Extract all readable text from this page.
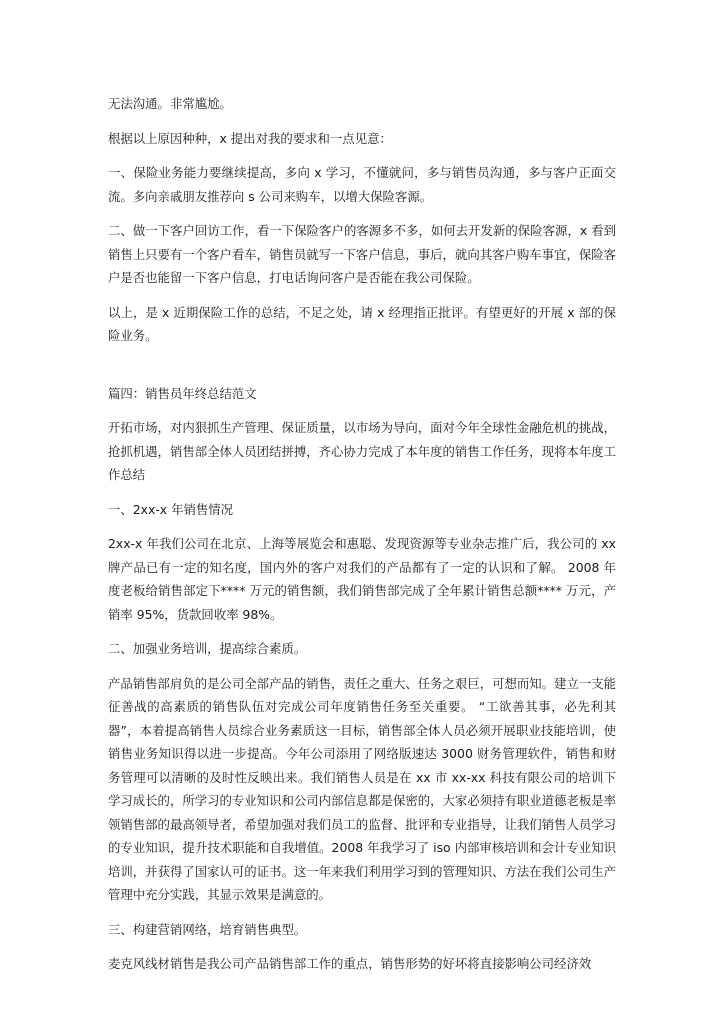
无法沟通。非常尴尬。

根据以上原因种种，x 提出对我的要求和一点见意：

一、保险业务能力要继续提高，多向 x 学习，不懂就问，多与销售员沟通，多与客户正面交流。多向亲戚朋友推荐向 s 公司来购车，以增大保险客源。

二、做一下客户回访工作，看一下保险客户的客源多不多，如何去开发新的保险客源，x 看到销售上只要有一个客户看车，销售员就写一下客户信息，事后，就向其客户购车事宜，保险客户是否也能留一下客户信息，打电话询问客户是否能在我公司保险。

以上，是 x 近期保险工作的总结，不足之处，请 x 经理指正批评。有望更好的开展 x 部的保险业务。

篇四：销售员年终总结范文

开拓市场，对内狠抓生产管理、保证质量，以市场为导向，面对今年全球性金融危机的挑战，抢抓机遇，销售部全体人员团结拼搏，齐心协力完成了本年度的销售工作任务，现将本年度工作总结

一、2xx-x 年销售情况

2xx-x 年我们公司在北京、上海等展览会和惠聪、发现资源等专业杂志推广后，我公司的 xx 牌产品已有一定的知名度，国内外的客户对我们的产品都有了一定的认识和了解。 2008 年度老板给销售部定下**** 万元的销售额，我们销售部完成了全年累计销售总额**** 万元，产销率 95%，货款回收率 98%。

二、加强业务培训，提高综合素质。

产品销售部肩负的是公司全部产品的销售，责任之重大、任务之艰巨，可想而知。建立一支能征善战的高素质的销售队伍对完成公司年度销售任务至关重要。 “工欲善其事，必先利其器”，本着提高销售人员综合业务素质这一目标，销售部全体人员必须开展职业技能培训，使销售业务知识得以进一步提高。今年公司添用了网络版速达 3000 财务管理软件，销售和财务管理可以清晰的及时性反映出来。我们销售人员是在 xx 市 xx-xx 科技有限公司的培训下学习成长的，所学习的专业知识和公司内部信息都是保密的，大家必须持有职业道德老板是率领销售部的最高领导者，希望加强对我们员工的监督、批评和专业指导，让我们销售人员学习的专业知识，提升技术职能和自我增值。2008 年我学习了 iso 内部审核培训和会计专业知识培训，并获得了国家认可的证书。这一年来我们利用学习到的管理知识、方法在我们公司生产管理中充分实践，其显示效果是满意的。

三、构建营销网络，培育销售典型。

麦克风线材销售是我公司产品销售部工作的重点，销售形势的好坏将直接影响公司经济效
